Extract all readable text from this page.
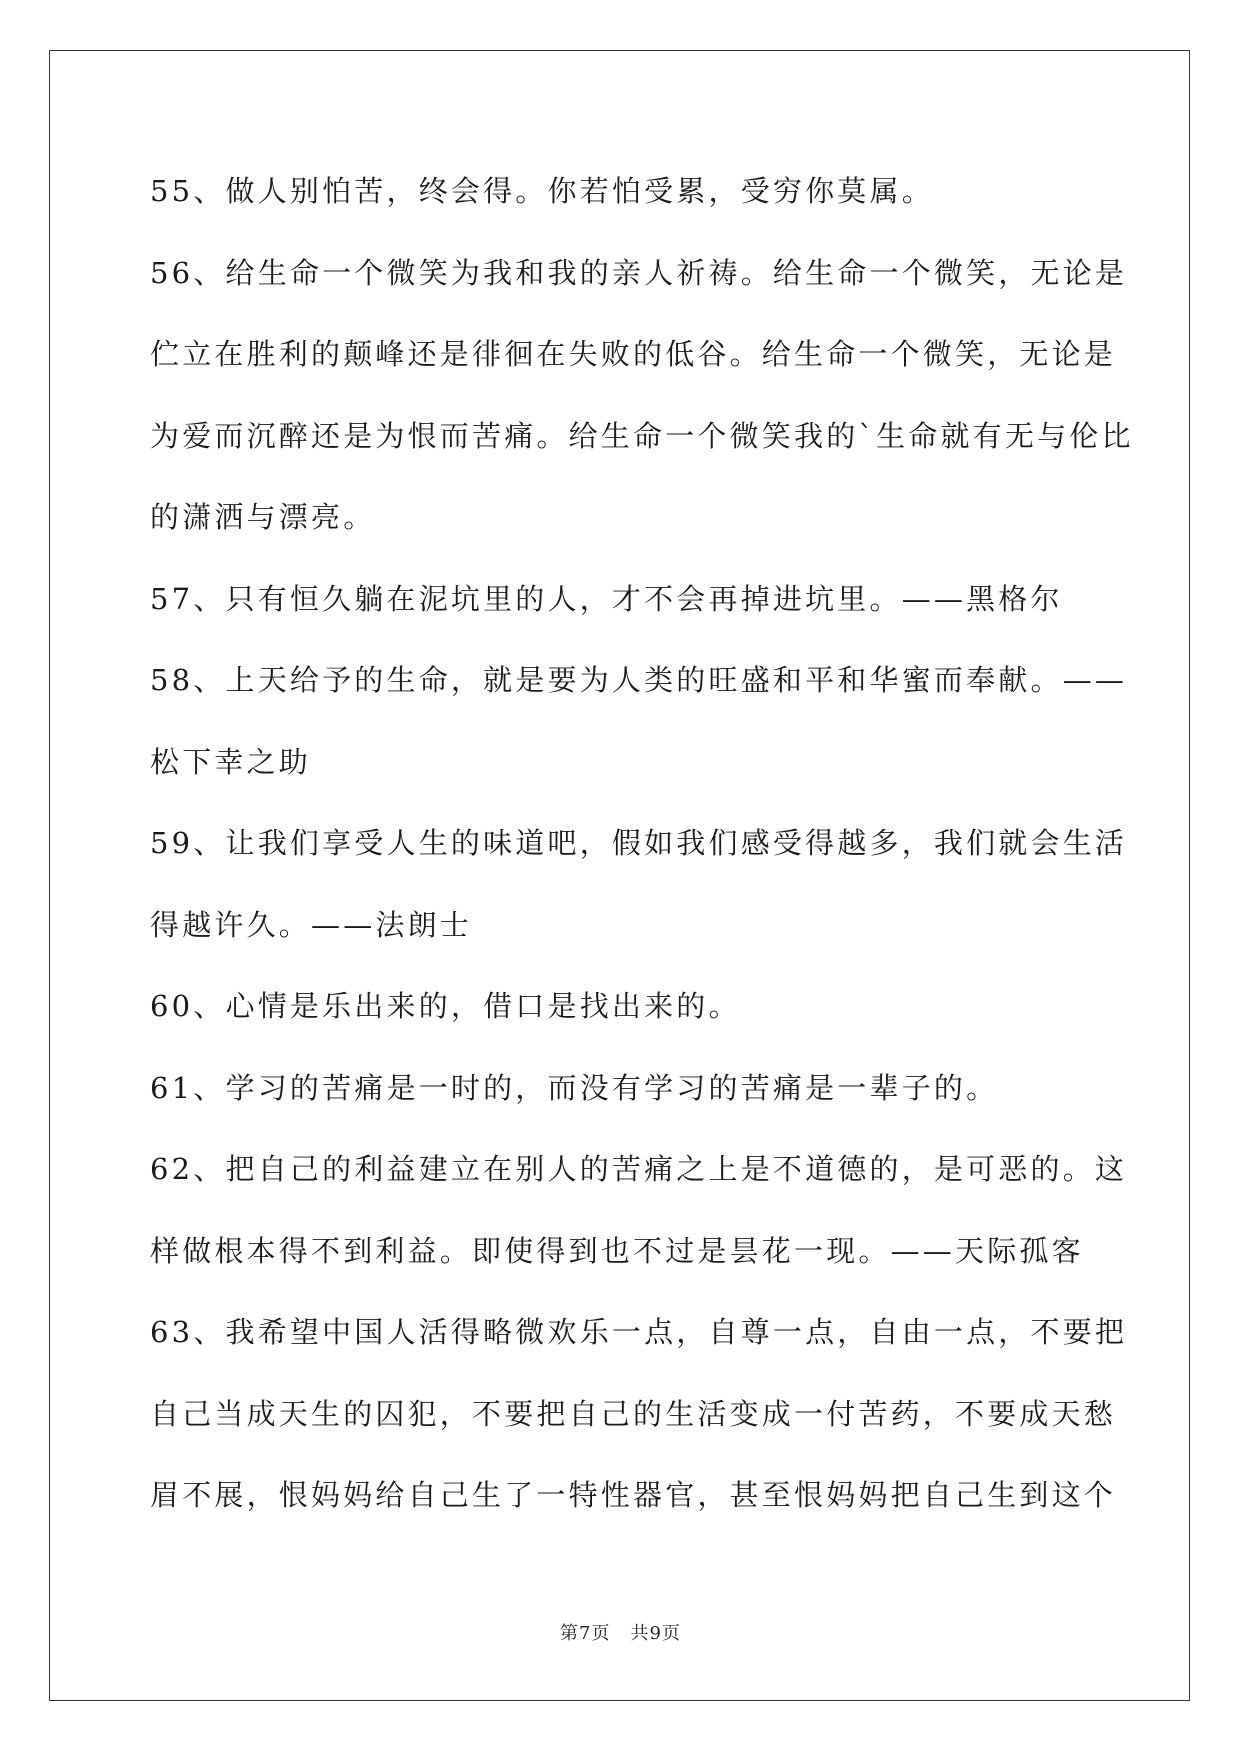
55、做人别怕苦，终会得。你若怕受累，受穷你莫属。
56、给生命一个微笑为我和我的亲人祈祷。给生命一个微笑，无论是
伫立在胜利的颠峰还是徘徊在失败的低谷。给生命一个微笑，无论是
为爱而沉醉还是为恨而苦痛。给生命一个微笑我的`生命就有无与伦比
的潇洒与漂亮。
57、只有恒久躺在泥坑里的人，才不会再掉进坑里。——黑格尔
58、上天给予的生命，就是要为人类的旺盛和平和华蜜而奉献。——
松下幸之助
59、让我们享受人生的味道吧，假如我们感受得越多，我们就会生活
得越许久。——法朗士
60、心情是乐出来的，借口是找出来的。
61、学习的苦痛是一时的，而没有学习的苦痛是一辈子的。
62、把自己的利益建立在别人的苦痛之上是不道德的，是可恶的。这
样做根本得不到利益。即使得到也不过是昙花一现。——天际孤客
63、我希望中国人活得略微欢乐一点，自尊一点，自由一点，不要把
自己当成天生的囚犯，不要把自己的生活变成一付苦药，不要成天愁
眉不展，恨妈妈给自己生了一特性器官，甚至恨妈妈把自己生到这个
第7页 共9页
